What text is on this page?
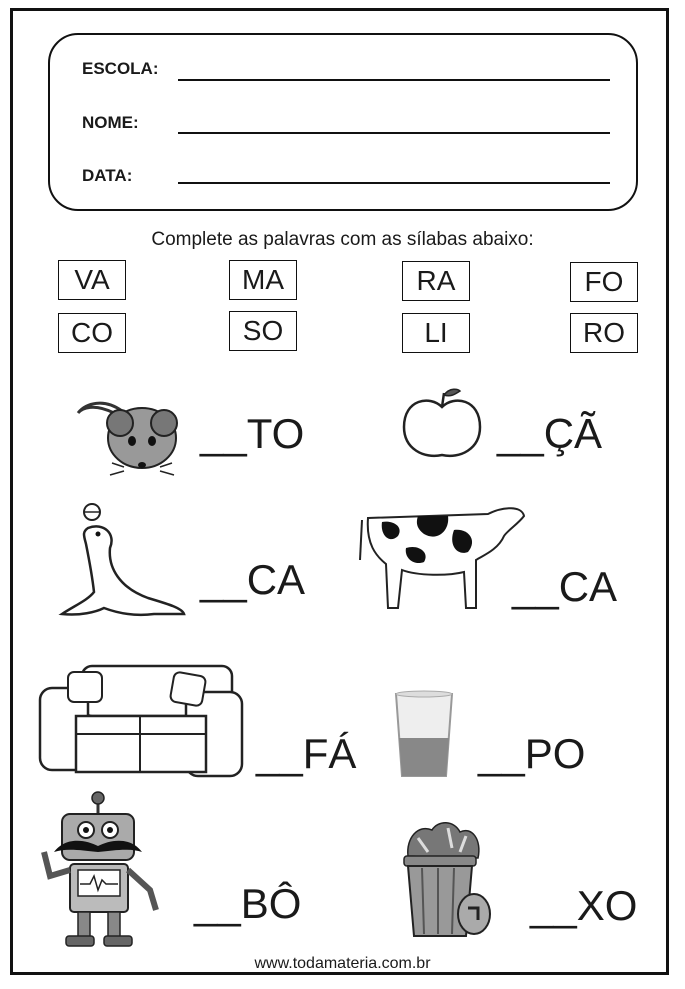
ESCOLA:
NOME:
DATA:
Complete as palavras com as sílabas abaixo:
VA	MA	RA	FO
CO	SO	LI	RO
__TO	__ÇÃ
__CA	__CA
__FÁ	__PO
__BÔ	__XO
www.todamateria.com.br
